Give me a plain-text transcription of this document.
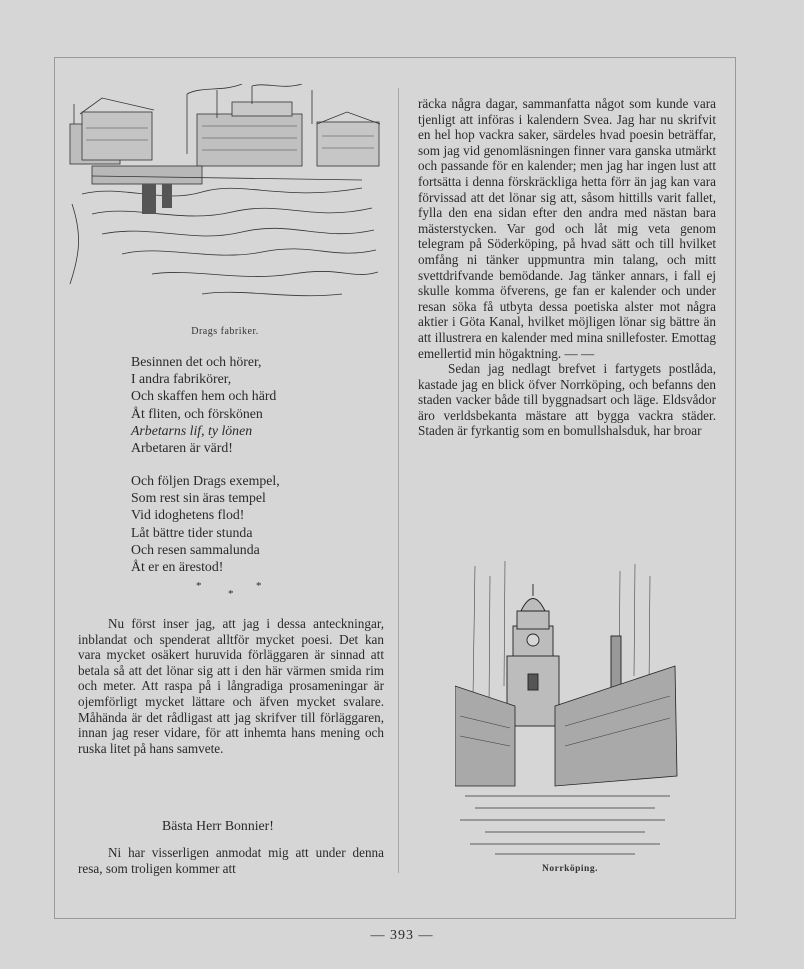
Drags fabriker.
Besinnen det och hörer,
I andra fabrikörer,
Och skaffen hem och härd
Åt fliten, och förskönen
Arbetarns lif, ty lönen
Arbetaren är värd!
Och följen Drags exempel,
Som rest sin äras tempel
Vid idoghetens flod!
Låt bättre tider stunda
Och resen sammalunda
Åt er en ärestod!
*
*
*

Nu först inser jag, att jag i dessa anteckningar, inblandat och spenderat alltför mycket poesi. Det kan vara mycket osäkert huruvida förläggaren är sinnad att betala så att det lönar sig att i den här värmen smida rim och meter. Att raspa på i långradiga prosameningar är ojemförligt mycket lättare och äfven mycket svalare. Måhända är det rådligast att jag skrifver till förläggaren, innan jag reser vidare, för att inhemta hans mening och ruska litet på hans samvete.

Bästa Herr Bonnier!

Ni har visserligen anmodat mig att under denna resa, som troligen kommer att

räcka några dagar, sammanfatta något som kunde vara tjenligt att införas i kalendern Svea. Jag har nu skrifvit en hel hop vackra saker, särdeles hvad poesin beträffar, som jag vid genomläsningen finner vara ganska utmärkt och passande för en kalender; men jag har ingen lust att fortsätta i denna förskräckliga hetta förr än jag kan vara förvissad att det lönar sig att, såsom hittills varit fallet, fylla den ena sidan efter den andra med nästan bara mästerstycken. Var god och låt mig veta genom telegram på Söderköping, på hvad sätt och till hvilket omfång ni tänker uppmuntra min talang, och mitt svettdrifvande bemödande. Jag tänker annars, i fall ej skulle komma öfverens, ge fan er kalender och under resan söka få utbyta dessa poetiska alster mot några aktier i Göta Kanal, hvilket möjligen lönar sig bättre än att illustrera en kalender med mina snillefoster. Emottag emellertid min högaktning. — —

Sedan jag nedlagt brefvet i fartygets postlåda, kastade jag en blick öfver Norrköping, och befanns den staden vacker både till byggnadsart och läge. Eldsvådor äro verldsbekanta mästare att bygga vackra städer. Staden är fyrkantig som en bomullshalsduk, har broar

Norrköping.
— 393 —
